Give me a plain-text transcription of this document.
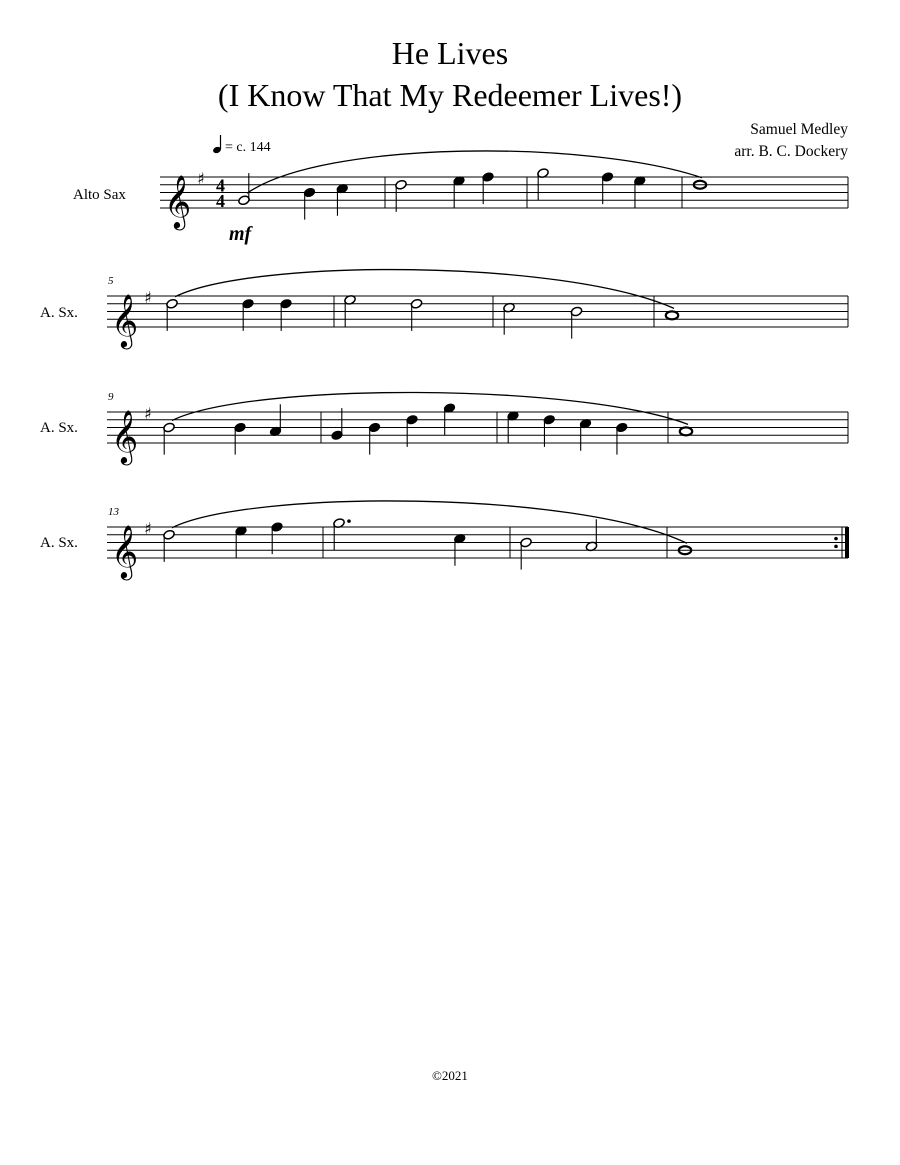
He Lives
(I Know That My Redeemer Lives!)
Samuel Medley
arr. B. C. Dockery
= c. 144
Alto Sax
A. Sx.
A. Sx.
A. Sx.
𝄞 ♯ 4
4
mf
𝄞 ♯
5
𝄞 ♯
9
𝄞 ♯
13
©2021
